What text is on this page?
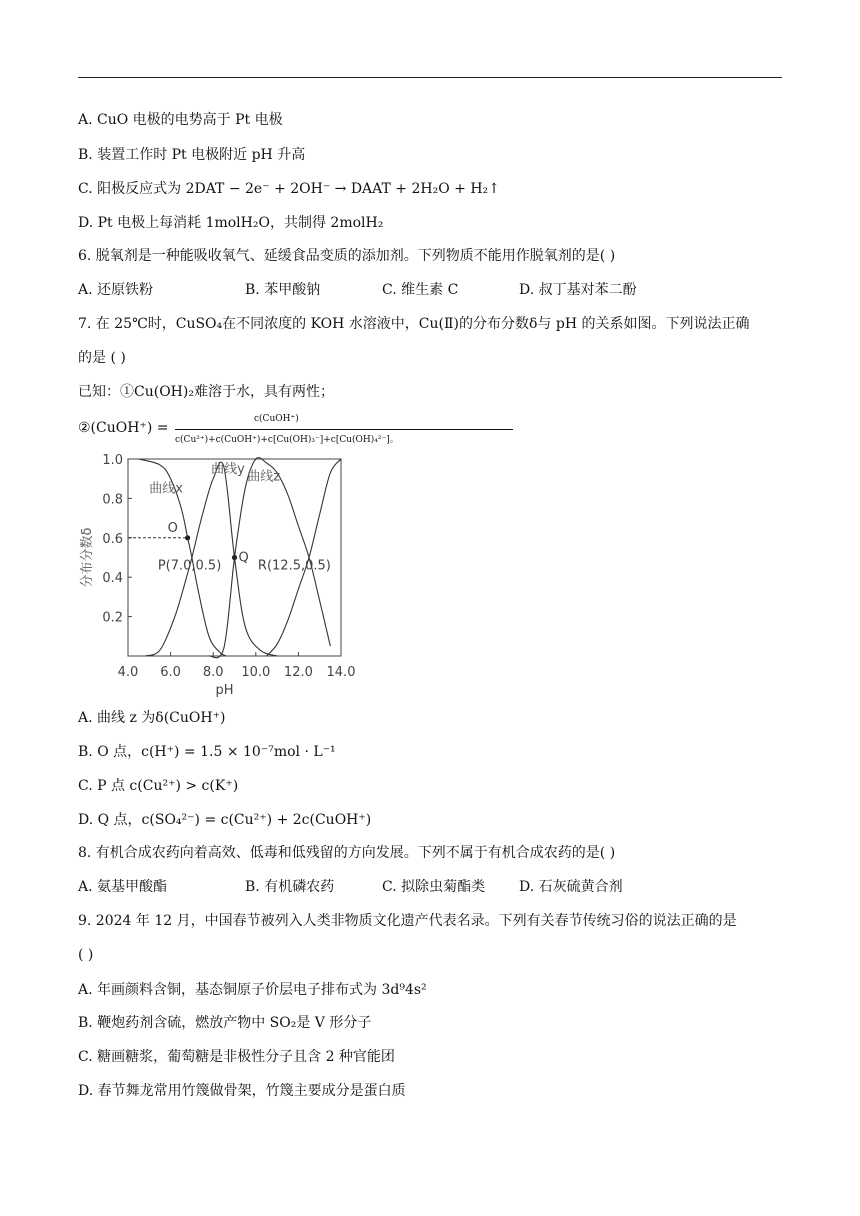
A. CuO 电极的电势高于 Pt 电极
B. 装置工作时 Pt 电极附近 pH 升高
C. 阳极反应式为 2DAT − 2e⁻ + 2OH⁻ → DAAT + 2H₂O + H₂↑
D. Pt 电极上每消耗 1molH₂O，共制得 2molH₂
6. 脱氧剂是一种能吸收氧气、延缓食品变质的添加剂。下列物质不能用作脱氧剂的是( )
A. 还原铁粉	B. 苯甲酸钠	C. 维生素 C	D. 叔丁基对苯二酚
7. 在 25℃时，CuSO₄在不同浓度的 KOH 水溶液中，Cu(Ⅱ)的分布分数δ与 pH 的关系如图。下列说法正确
的是 ( )
已知：①Cu(OH)₂难溶于水，具有两性；
②(CuOH⁺) =
c(CuOH⁺)
c(Cu²⁺)+c(CuOH⁺)+c[Cu(OH)₃⁻]+c[Cu(OH)₄²⁻]。
4.0 6.0 8.0 10.0 12.0 14.0
0.2
0.4
0.6
0.8
1.0
pH
分布分数δ
曲线x
曲线y
曲线z
O
Q
P(7.0,0.5)	R(12.5,0.5)
A. 曲线 z 为δ(CuOH⁺)
B. O 点，c(H⁺) = 1.5 × 10⁻⁷mol · L⁻¹
C. P 点 c(Cu²⁺) > c(K⁺)
D. Q 点，c(SO₄²⁻) = c(Cu²⁺) + 2c(CuOH⁺)
8. 有机合成农药向着高效、低毒和低残留的方向发展。下列不属于有机合成农药的是( )
A. 氨基甲酸酯	B. 有机磷农药	C. 拟除虫菊酯类 D. 石灰硫黄合剂
9. 2024 年 12 月，中国春节被列入人类非物质文化遗产代表名录。下列有关春节传统习俗的说法正确的是
( )
A. 年画颜料含铜，基态铜原子价层电子排布式为 3d⁹4s²
B. 鞭炮药剂含硫，燃放产物中 SO₂是 V 形分子
C. 糖画糖浆，葡萄糖是非极性分子且含 2 种官能团
D. 春节舞龙常用竹篾做骨架，竹篾主要成分是蛋白质
